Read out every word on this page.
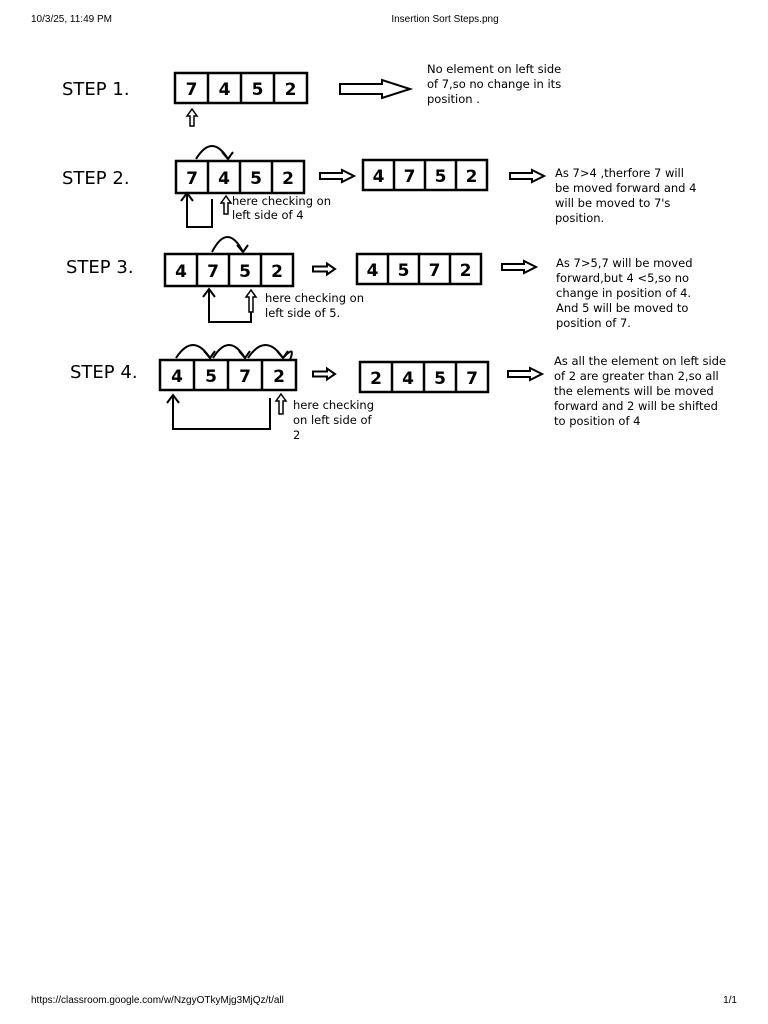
10/3/25, 11:49 PM	Insertion Sort Steps.png
STEP 1.	7 4 5 2
No element on left side
of 7,so no change in its
position .
STEP 2.	7 4 5 2
here checking on
left side of 4
4 7 5 2	As 7>4 ,therfore 7 will
be moved forward and 4
will be moved to 7's
position.
STEP 3. 4 7 5 2
here checking on
left side of 5.
4 5 7 2	As 7>5,7 will be moved
forward,but 4 <5,so no
change in position of 4.
And 5 will be moved to
position of 7.
STEP 4. 4 5 7 2
here checking
on left side of
2
2 4 5 7
As all the element on left side
of 2 are greater than 2,so all
the elements will be moved
forward and 2 will be shifted
to position of 4
https://classroom.google.com/w/NzgyOTkyMjg3MjQz/t/all	1/1
